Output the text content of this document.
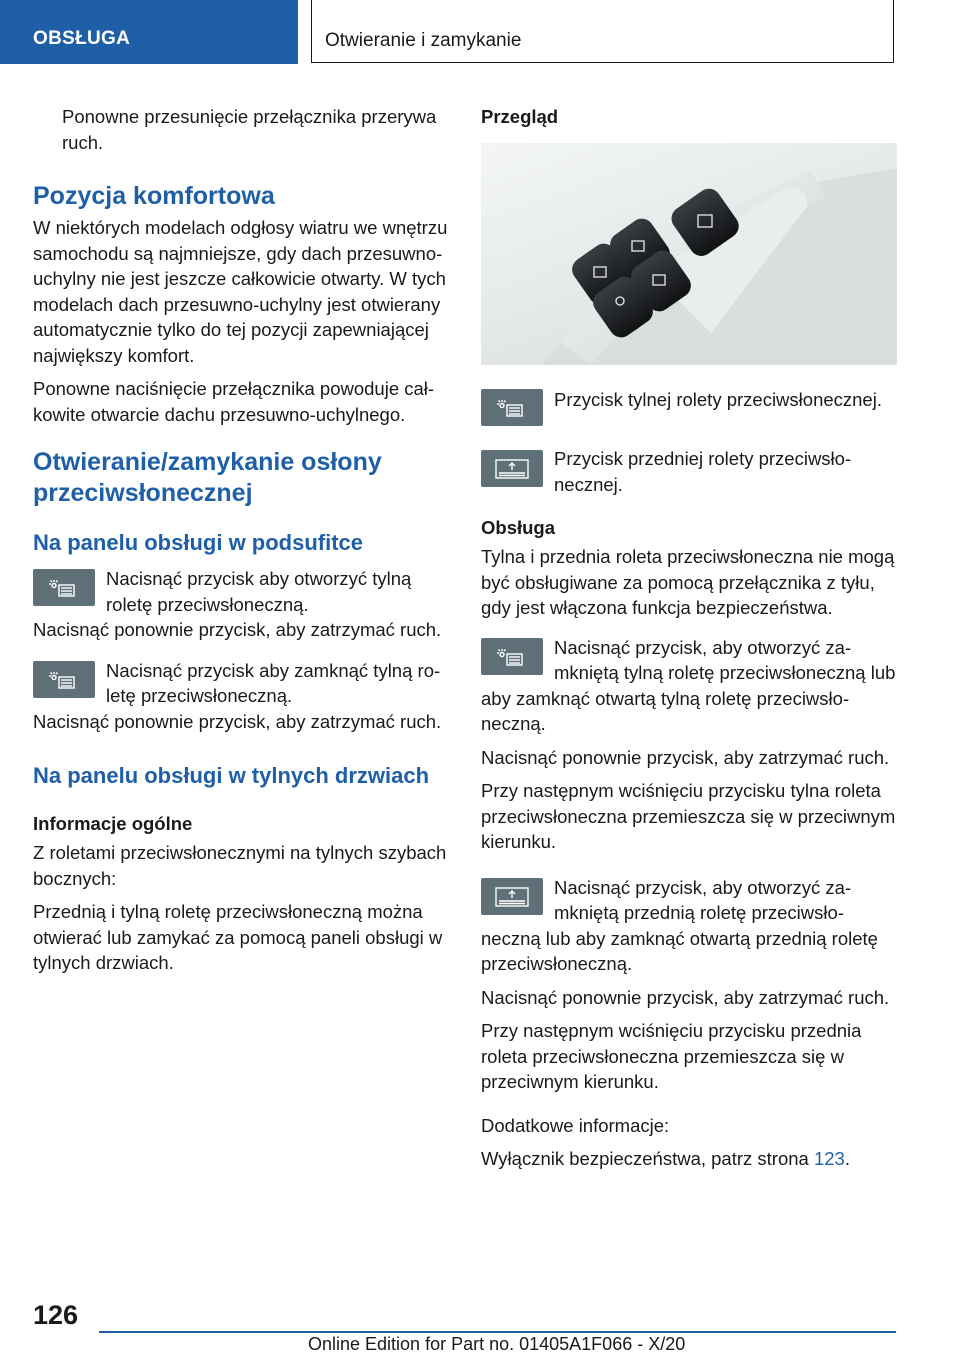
OBSŁUGA	Otwieranie i zamykanie

Ponowne przesunięcie przełącznika przerywa ruch.

Pozycja komfortowa

W niektórych modelach odgłosy wiatru we wnętrzu samochodu są najmniejsze, gdy dach przesuwno-uchylny nie jest jeszcze całkowicie otwarty. W tych modelach dach przesuwno-uchylny jest otwierany automatycznie tylko do tej pozycji zapewniającej największy komfort.

Ponowne naciśnięcie przełącznika powoduje całkowite otwarcie dachu przesuwno-uchylnego.

Otwieranie/zamykanie osłony przeciwsłonecznej
Na panelu obsługi w podsufitce

Nacisnąć przycisk aby otworzyć tylną roletę przeciwsłoneczną.

Nacisnąć ponownie przycisk, aby zatrzymać ruch.

Nacisnąć przycisk aby zamknąć tylną roletę przeciwsłoneczną.

Nacisnąć ponownie przycisk, aby zatrzymać ruch.

Na panelu obsługi w tylnych drzwiach
Informacje ogólne

Z roletami przeciwsłonecznymi na tylnych szybach bocznych:

Przednią i tylną roletę przeciwsłoneczną można otwierać lub zamykać za pomocą paneli obsługi w tylnych drzwiach.

Przegląd

Przycisk tylnej rolety przeciwsłonecznej.

Przycisk przedniej rolety przeciwsłonecznej.

Obsługa

Tylna i przednia roleta przeciwsłoneczna nie mogą być obsługiwane za pomocą przełącznika z tyłu, gdy jest włączona funkcja bezpieczeństwa.

Nacisnąć przycisk, aby otworzyć zamkniętą tylną roletę przeciwsłoneczną lub aby zamknąć otwartą tylną roletę przeciwsłoneczną.

Nacisnąć ponownie przycisk, aby zatrzymać ruch.

Przy następnym wciśnięciu przycisku tylna roleta przeciwsłoneczna przemieszcza się w przeciwnym kierunku.

Nacisnąć przycisk, aby otworzyć zamkniętą przednią roletę przeciwsłoneczną lub aby zamknąć otwartą przednią roletę przeciwsłoneczną.

Nacisnąć ponownie przycisk, aby zatrzymać ruch.

Przy następnym wciśnięciu przycisku przednia roleta przeciwsłoneczna przemieszcza się w przeciwnym kierunku.

Dodatkowe informacje:

Wyłącznik bezpieczeństwa, patrz strona 123.

126
Online Edition for Part no. 01405A1F066 - X/20
